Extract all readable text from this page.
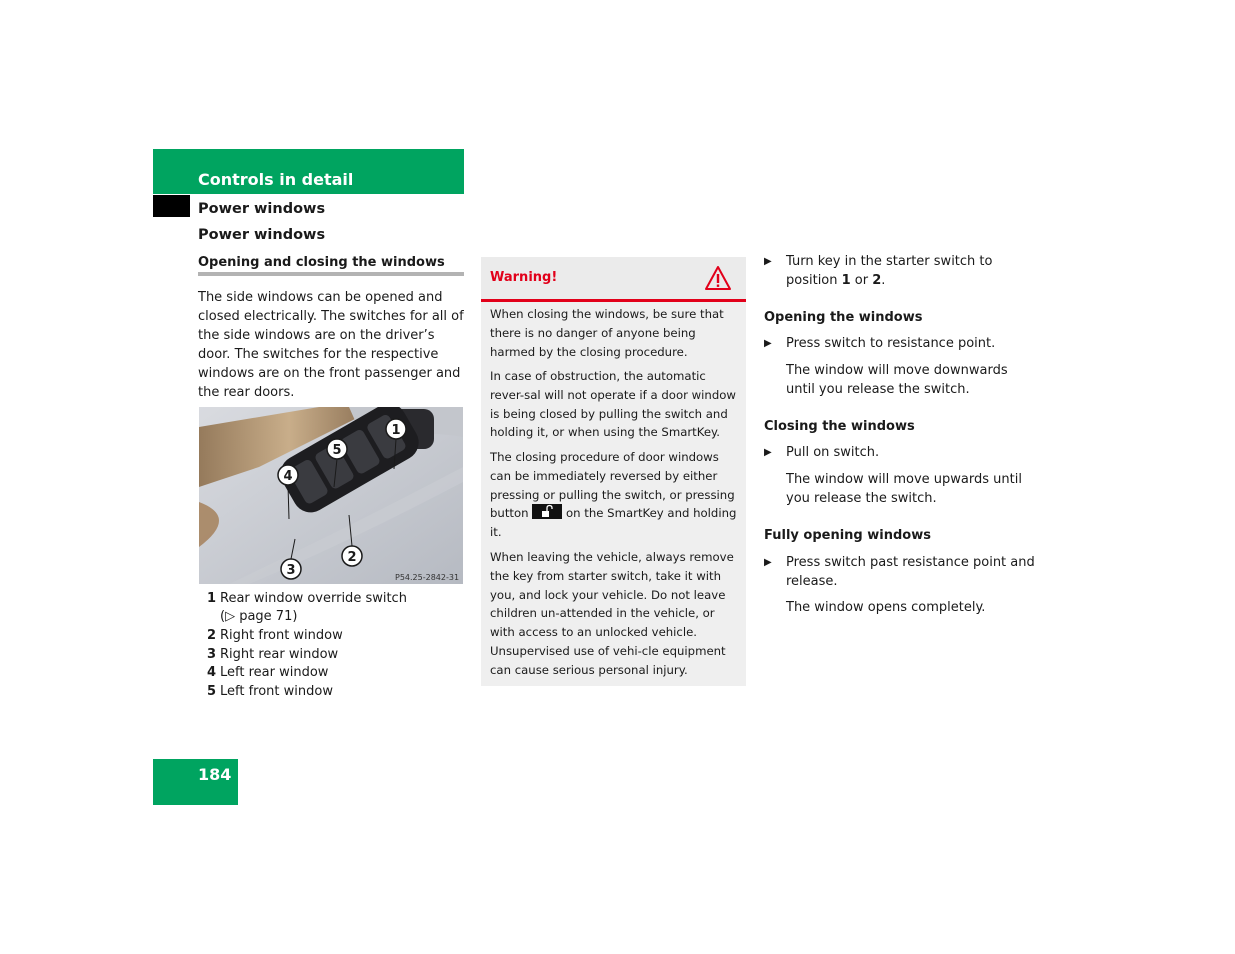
Controls in detail
Power windows
Power windows
Opening and closing the windows

The side windows can be opened and closed electrically. The switches for all of the side windows are on the driver’s door. The switches for the respective windows are on the front passenger and the rear doors.

1
5
4
2
3	P54.25-2842-31
1 Rear window override switch
(▷ page 71)
2 Right front window
3 Right rear window
4 Left rear window
5 Left front window
Warning!

When closing the windows, be sure that there is no danger of anyone being harmed by the closing procedure.

In case of obstruction, the automatic rever-sal will not operate if a door window is being closed by pulling the switch and holding it, or when using the SmartKey.

The closing procedure of door windows can be immediately reversed by either pressing or pulling the switch, or pressing

button	on the SmartKey and holding it.

When leaving the vehicle, always remove the key from starter switch, take it with you, and lock your vehicle. Do not leave children un-attended in the vehicle, or with access to an unlocked vehicle. Unsupervised use of vehi-cle equipment can cause serious personal injury.

▶ Turn key in the starter switch to position 1 or 2.
Opening the windows
▶ Press switch to resistance point.

The window will move downwards until you release the switch.

Closing the windows
▶ Pull on switch.

The window will move upwards until you release the switch.

Fully opening windows
▶ Press switch past resistance point and release.

The window opens completely.

184
